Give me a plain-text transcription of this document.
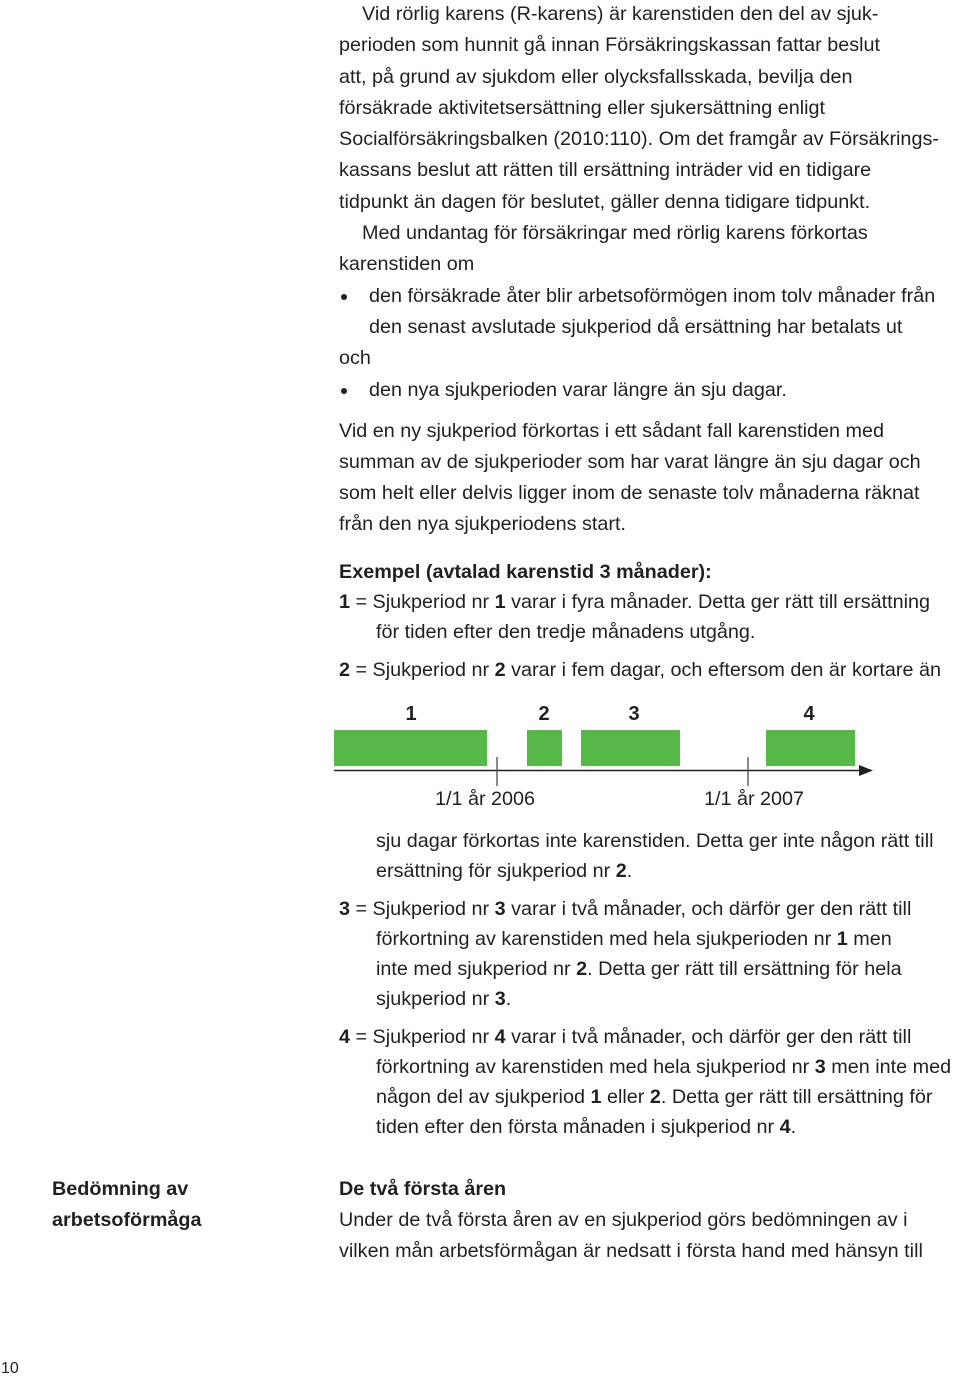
Vid rörlig karens (R-karens) är karenstiden den del av sjuk-
perioden som hunnit gå innan Försäkringskassan fattar beslut
att, på grund av sjukdom eller olycksfallsskada, bevilja den
försäkrade aktivitetsersättning eller sjukersättning enligt
Socialförsäkringsbalken (2010:110). Om det framgår av Försäkrings-
kassans beslut att rätten till ersättning inträder vid en tidigare
tidpunkt än dagen för beslutet, gäller denna tidigare tidpunkt.
Med undantag för försäkringar med rörlig karens förkortas
karenstiden om
den försäkrade åter blir arbetsoförmögen inom tolv månader från
den senast avslutade sjukperiod då ersättning har betalats ut
och
den nya sjukperioden varar längre än sju dagar.
Vid en ny sjukperiod förkortas i ett sådant fall karenstiden med
summan av de sjukperioder som har varat längre än sju dagar och
som helt eller delvis ligger inom de senaste tolv månaderna räknat
från den nya sjukperiodens start.
Exempel (avtalad karenstid 3 månader):
1 = Sjukperiod nr 1 varar i fyra månader. Detta ger rätt till ersättning
för tiden efter den tredje månadens utgång.
2 = Sjukperiod nr 2 varar i fem dagar, och eftersom den är kortare än
1	2	3	4
1/1 år 2006	1/1 år 2007
sju dagar förkortas inte karenstiden. Detta ger inte någon rätt till
ersättning för sjukperiod nr 2.
3 = Sjukperiod nr 3 varar i två månader, och därför ger den rätt till
förkortning av karenstiden med hela sjukperioden nr 1 men
inte med sjukperiod nr 2. Detta ger rätt till ersättning för hela
sjukperiod nr 3.
4 = Sjukperiod nr 4 varar i två månader, och därför ger den rätt till
förkortning av karenstiden med hela sjukperiod nr 3 men inte med
någon del av sjukperiod 1 eller 2. Detta ger rätt till ersättning för
tiden efter den första månaden i sjukperiod nr 4.
Bedömning av
arbetsoförmåga
De två första åren
Under de två första åren av en sjukperiod görs bedömningen av i
vilken mån arbetsförmågan är nedsatt i första hand med hänsyn till
10
